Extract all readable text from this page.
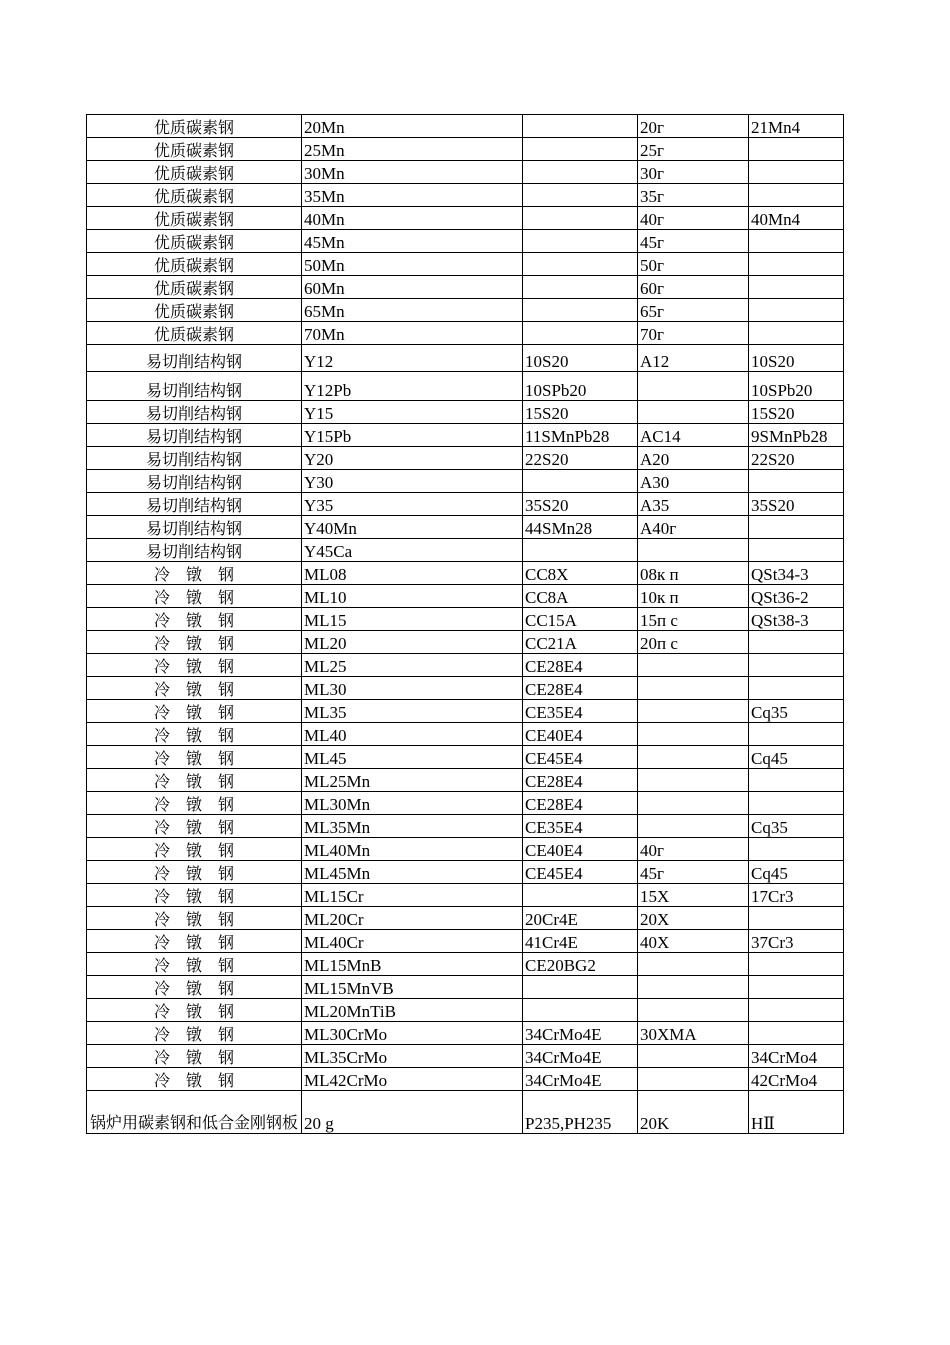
优质碳素钢	20Mn		20г	21Mn4
优质碳素钢	25Mn		25г	
优质碳素钢	30Mn		30г	
优质碳素钢	35Mn		35г	
优质碳素钢	40Mn		40г	40Mn4
优质碳素钢	45Mn		45г	
优质碳素钢	50Mn		50г	
优质碳素钢	60Mn		60г	
优质碳素钢	65Mn		65г	
优质碳素钢	70Mn		70г	
易切削结构钢	Y12	10S20	A12	10S20
易切削结构钢	Y12Pb	10SPb20		10SPb20
易切削结构钢	Y15	15S20		15S20
易切削结构钢	Y15Pb	11SMnPb28	AC14	9SMnPb28
易切削结构钢	Y20	22S20	A20	22S20
易切削结构钢	Y30		A30	
易切削结构钢	Y35	35S20	A35	35S20
易切削结构钢	Y40Mn	44SMn28	A40г	
易切削结构钢	Y45Ca			
冷　镦　钢	ML08	CC8X	08к п	QSt34-3
冷　镦　钢	ML10	CC8A	10к п	QSt36-2
冷　镦　钢	ML15	CC15A	15п с	QSt38-3
冷　镦　钢	ML20	CC21A	20п с	
冷　镦　钢	ML25	CE28E4		
冷　镦　钢	ML30	CE28E4		
冷　镦　钢	ML35	CE35E4		Cq35
冷　镦　钢	ML40	CE40E4		
冷　镦　钢	ML45	CE45E4		Cq45
冷　镦　钢	ML25Mn	CE28E4		
冷　镦　钢	ML30Mn	CE28E4		
冷　镦　钢	ML35Mn	CE35E4		Cq35
冷　镦　钢	ML40Mn	CE40E4	40г	
冷　镦　钢	ML45Mn	CE45E4	45г	Cq45
冷　镦　钢	ML15Cr		15X	17Cr3
冷　镦　钢	ML20Cr	20Cr4E	20X	
冷　镦　钢	ML40Cr	41Cr4E	40X	37Cr3
冷　镦　钢	ML15MnB	CE20BG2		
冷　镦　钢	ML15MnVB			
冷　镦　钢	ML20MnTiB			
冷　镦　钢	ML30CrMo	34CrMo4E	30XMA	
冷　镦　钢	ML35CrMo	34CrMo4E		34CrMo4
冷　镦　钢	ML42CrMo	34CrMo4E		42CrMo4
锅炉用碳素钢和低合金刚钢板	20 g	P235,PH235	20K	HⅡ
